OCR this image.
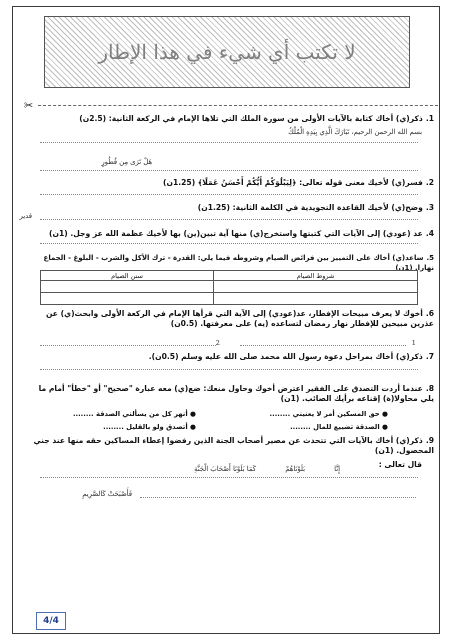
لا تكتب أي شيء في هذا الإطار
✂
1.ذكر(ي) أخاك كتابة بالآيات الأولى من سورة الملك التي تلاها الإمام في الركعة الثانية: (2.5ن)
بسم الله الرحمن الرحيم، تَبَارَكَ الَّذِي بِيَدِهِ الْمُلْكُ
هَلْ تَرَى مِن فُطُورٍ
2.فسر(ي) لأخيك معنى قوله تعالى: ﴿لِيَبْلُوَكُمْ أَيُّكُمْ أَحْسَنُ عَمَلًا﴾ (1.25ن)
3.وضح(ي) لأخيك القاعدة التجويدية في الكلمة الثانية: (1.25ن)
قدير
4.عد (عودي) إلى الآيات التي كتبتها واستخرج(ي) منها آية تبين(ين) بها لأخيك عظمة الله عز وجل. (1ن)
5.ساعد(ي) أخاك على التمييز بين فرائض الصيام وشروطه فيما يلي: القدرة - ترك الأكل والشرب - البلوغ - الجماع نهارا. (1ن)
شروط الصيام	سنن الصيام

6.أخوك لا يعرف مبيحات الإفطار، عد(عودي) إلى الآية التي قرأها الإمام في الركعة الأولى وابحث(ي) عن عذرين مبيحين للإفطار نهار رمضان لتساعده (يه) على معرفتها. (0.5ن)
1
2
7.ذكر(ي) أخاك بمراحل دعوة رسول الله محمد صلى الله عليه وسلم (0.5ن).
8.عندما أردت التصدق على الفقير اعترض أخوك وحاول منعك: ضع(ي) معه عبارة "صحيح" أو "خطأ" أمام ما يلي محاولا(ة) إقناعه برأيك الصائب. (1ن)
● حق المسكين أمر لا يعنيني ........
● أنهر كل من يسألني الصدقة ........
● الصدقة تضييع للمال ........
● أتصدق ولو بالقليل ........
9.ذكر(ي) أخاك بالآيات التي تتحدث عن مصير أصحاب الجنة الذين رفضوا إعطاء المساكين حقه منها عند جني المحصول. (1ن)
قال تعالى :
إِنَّا
بَلَوْنَاهُمْ
كَمَا بَلَوْنَا أَصْحَابَ الْجَنَّةِ
فَأَصْبَحَتْ كَالصَّرِيمِ
4/4
